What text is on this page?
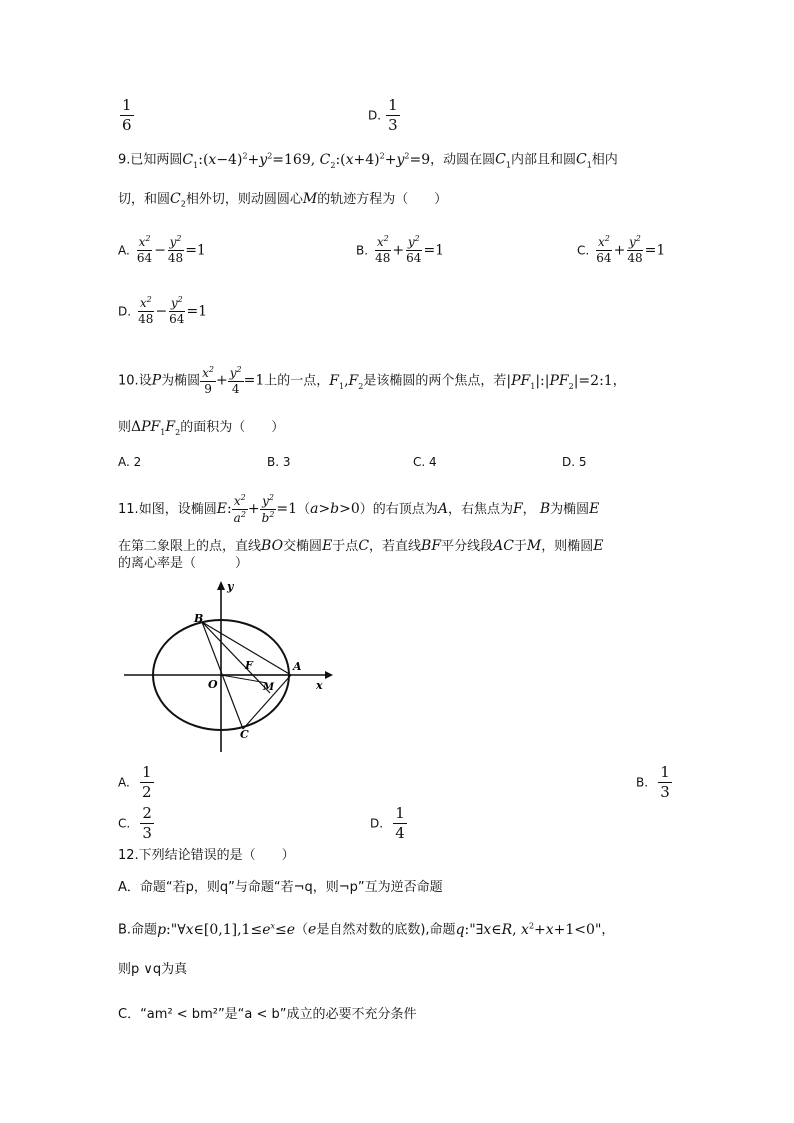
$\frac{1}{6}$	D. $\frac{1}{3}$
9.已知两圆$C_1:(x-4)^2+y^2=169$, $C_2:(x+4)^2+y^2=9$，动圆在圆$C_1$内部且和圆$C_1$相内
切，和圆$C_2$相外切，则动圆圆心M的轨迹方程为（　　）
A. $\frac{x^2}{64} - \frac{y^2}{48} =1$	B. $\frac{x^2}{48} + \frac{y^2}{64} =1$	C. $\frac{x^2}{64} + \frac{y^2}{48} =1$
D. $\frac{x^2}{48} - \frac{y^2}{64} =1$
10.设P为椭圆 $\frac{x^2}{9} + \frac{y^2}{4} =1$上的一点，$F_1,F_2$是该椭圆的两个焦点，若$|PF_1|:|PF_2|=2:1$，
则$\Delta PF_1F_2$的面积为（　　）
A. 2	B. 3	C. 4	D. 5
11.如图，设椭圆E: $\frac{x^2}{a^2} + \frac{y^2}{b^2} =1(a>b>0)$的右顶点为A，右焦点为F， B为椭圆E
在第二象限上的点，直线BO交椭圆E于点C，若直线BF平分线段AC于M，则椭圆E
的离心率是（　　　）
B
A
F
O	M
C
x
y
A. $\frac{1}{2}$	B. $\frac{1}{3}$
C. $\frac{2}{3}$	D. $\frac{1}{4}$
12.下列结论错误的是（　　）
A．命题“若p，则q”与命题“若¬q，则¬p”互为逆否命题
B.命题$p:"\forall x\in[0,1],1\le e^x\le e(e$是自然对数的底数),命题q:"∃x∈R, $x^2+x+1<0$"，
则p ∨q为真
C．“am² < bm²”是“a < b”成立的必要不充分条件
